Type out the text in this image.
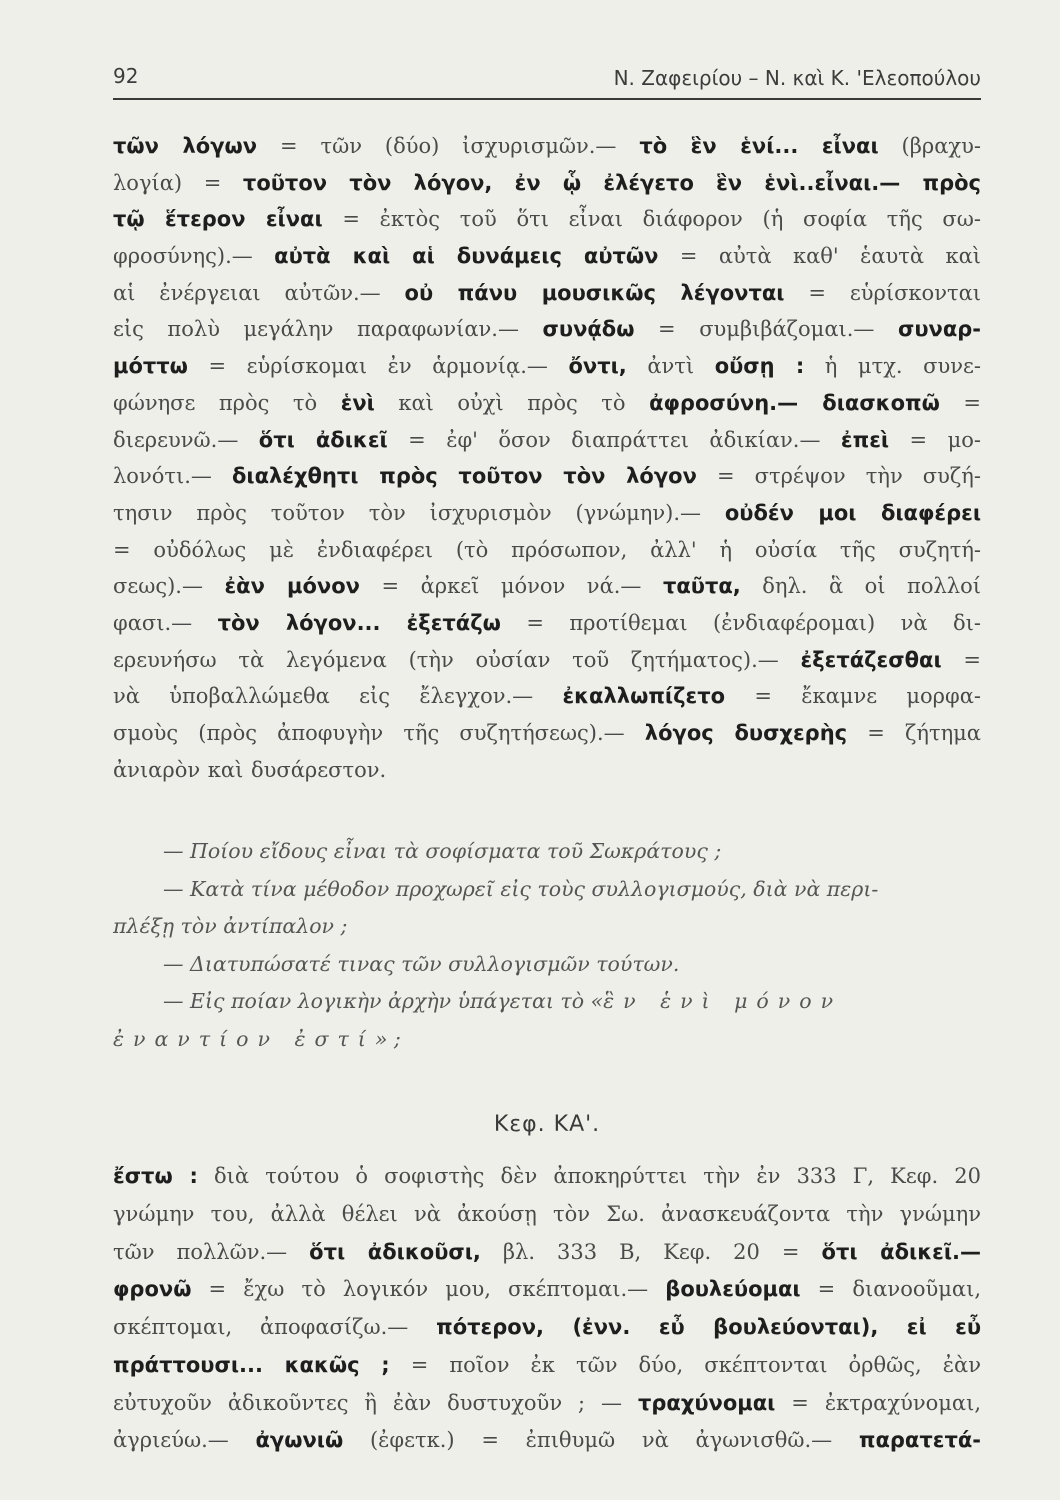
92	Ν. Ζαφειρίου – Ν. καὶ Κ. 'Ελεοπούλου
τῶν λόγων = τῶν (δύο) ἰσχυρισμῶν.— τὸ ἓν ἑνί... εἶναι (βραχυ-
λογία) = τοῦτον τὸν λόγον, ἐν ᾧ ἐλέγετο ἓν ἑνὶ..εἶναι.— πρὸς
τῷ ἕτερον εἶναι = ἐκτὸς τοῦ ὅτι εἶναι διάφορον (ἡ σοφία τῆς σω-
φροσύνης).— αὐτὰ καὶ αἱ δυνάμεις αὐτῶν = αὐτὰ καθ' ἑαυτὰ καὶ
αἱ ἐνέργειαι αὐτῶν.— οὐ πάνυ μουσικῶς λέγονται = εὑρίσκονται
εἰς πολὺ μεγάλην παραφωνίαν.— συνᾴδω = συμβιβάζομαι.— συναρ-
μόττω = εὑρίσκομαι ἐν ἁρμονίᾳ.— ὄντι, ἀντὶ οὔσῃ : ἡ μτχ. συνε-
φώνησε πρὸς τὸ ἑνὶ καὶ οὐχὶ πρὸς τὸ ἀφροσύνη.— διασκοπῶ =
διερευνῶ.— ὅτι ἀδικεῖ = ἐφ' ὅσον διαπράττει ἀδικίαν.— ἐπεὶ = μο-
λονότι.— διαλέχθητι πρὸς τοῦτον τὸν λόγον = στρέψον τὴν συζή-
τησιν πρὸς τοῦτον τὸν ἰσχυρισμὸν (γνώμην).— οὐδέν μοι διαφέρει
= οὐδόλως μὲ ἐνδιαφέρει (τὸ πρόσωπον, ἀλλ' ἡ οὐσία τῆς συζητή-
σεως).— ἐὰν μόνον = ἀρκεῖ μόνον νά.— ταῦτα, δηλ. ἃ οἱ πολλοί
φασι.— τὸν λόγον... ἐξετάζω = προτίθεμαι (ἐνδιαφέρομαι) νὰ δι-
ερευνήσω τὰ λεγόμενα (τὴν οὐσίαν τοῦ ζητήματος).— ἐξετάζεσθαι =
νὰ ὑποβαλλώμεθα εἰς ἔλεγχον.— ἐκαλλωπίζετο = ἔκαμνε μορφα-
σμοὺς (πρὸς ἀποφυγὴν τῆς συζητήσεως).— λόγος δυσχερὴς = ζήτημα
ἀνιαρὸν καὶ δυσάρεστον.
— Ποίου εἴδους εἶναι τὰ σοφίσματα τοῦ Σωκράτους ;
— Κατὰ τίνα μέθοδον προχωρεῖ εἰς τοὺς συλλογισμούς, διὰ νὰ περι-
πλέξῃ τὸν ἀντίπαλον ;
— Διατυπώσατέ τινας τῶν συλλογισμῶν τούτων.
— Εἰς ποίαν λογικὴν ἀρχὴν ὑπάγεται τὸ «ἓν ἑνὶ μόνον
ἐναντίον ἐστί» ;
Κεφ. ΚΑ'.
ἔστω : διὰ τούτου ὁ σοφιστὴς δὲν ἀποκηρύττει τὴν ἐν 333 Γ, Κεφ. 20
γνώμην του, ἀλλὰ θέλει νὰ ἀκούσῃ τὸν Σω. ἀνασκευάζοντα τὴν γνώμην
τῶν πολλῶν.— ὅτι ἀδικοῦσι, βλ. 333 Β, Κεφ. 20 = ὅτι ἀδικεῖ.—
φρονῶ = ἔχω τὸ λογικόν μου, σκέπτομαι.— βουλεύομαι = διανοοῦμαι,
σκέπτομαι, ἀποφασίζω.— πότερον, (ἐνν. εὖ βουλεύονται), εἰ εὖ
πράττουσι... κακῶς ; = ποῖον ἐκ τῶν δύο, σκέπτονται ὀρθῶς, ἐὰν
εὐτυχοῦν ἀδικοῦντες ἢ ἐὰν δυστυχοῦν ; — τραχύνομαι = ἐκτραχύνομαι,
ἀγριεύω.— ἀγωνιῶ (ἐφετκ.) = ἐπιθυμῶ νὰ ἀγωνισθῶ.— παρατετά-
